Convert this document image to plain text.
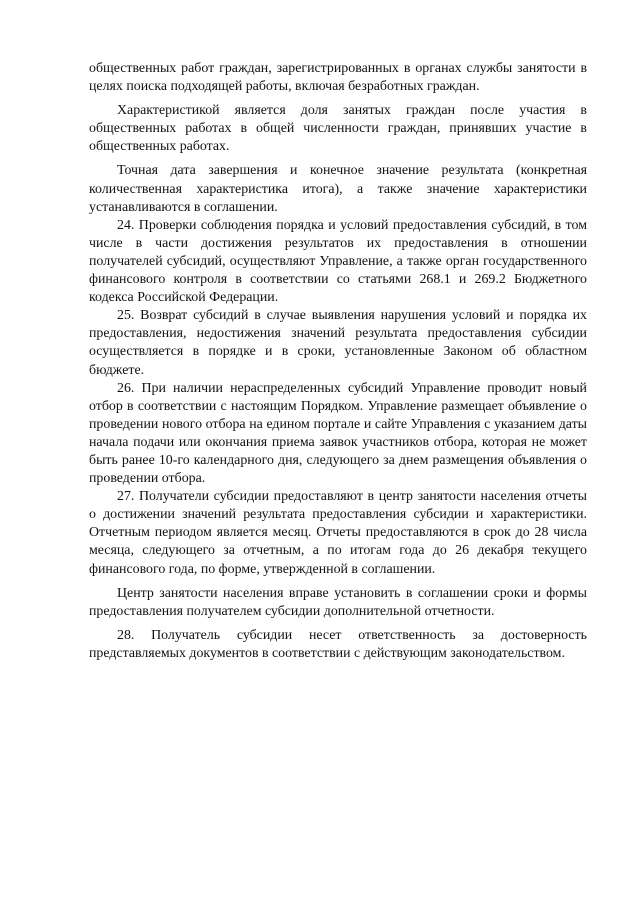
общественных работ граждан, зарегистрированных в органах службы занятости в целях поиска подходящей работы, включая безработных граждан.

Характеристикой является доля занятых граждан после участия в общественных работах в общей численности граждан, принявших участие в общественных работах.

Точная дата завершения и конечное значение результата (конкретная количественная характеристика итога), а также значение характеристики устанавливаются в соглашении.

24. Проверки соблюдения порядка и условий предоставления субсидий, в том числе в части достижения результатов их предоставления в отношении получателей субсидий, осуществляют Управление, а также орган государственного финансового контроля в соответствии со статьями 268.1 и 269.2 Бюджетного кодекса Российской Федерации.

25. Возврат субсидий в случае выявления нарушения условий и порядка их предоставления, недостижения значений результата предоставления субсидии осуществляется в порядке и в сроки, установленные Законом об областном бюджете.

26. При наличии нераспределенных субсидий Управление проводит новый отбор в соответствии с настоящим Порядком. Управление размещает объявление о проведении нового отбора на едином портале и сайте Управления с указанием даты начала подачи или окончания приема заявок участников отбора, которая не может быть ранее 10-го календарного дня, следующего за днем размещения объявления о проведении отбора.

27. Получатели субсидии предоставляют в центр занятости населения отчеты о достижении значений результата предоставления субсидии и характеристики. Отчетным периодом является месяц. Отчеты предоставляются в срок до 28 числа месяца, следующего за отчетным, а по итогам года до 26 декабря текущего финансового года, по форме, утвержденной в соглашении.

Центр занятости населения вправе установить в соглашении сроки и формы предоставления получателем субсидии дополнительной отчетности.

28. Получатель субсидии несет ответственность за достоверность представляемых документов в соответствии с действующим законодательством.
